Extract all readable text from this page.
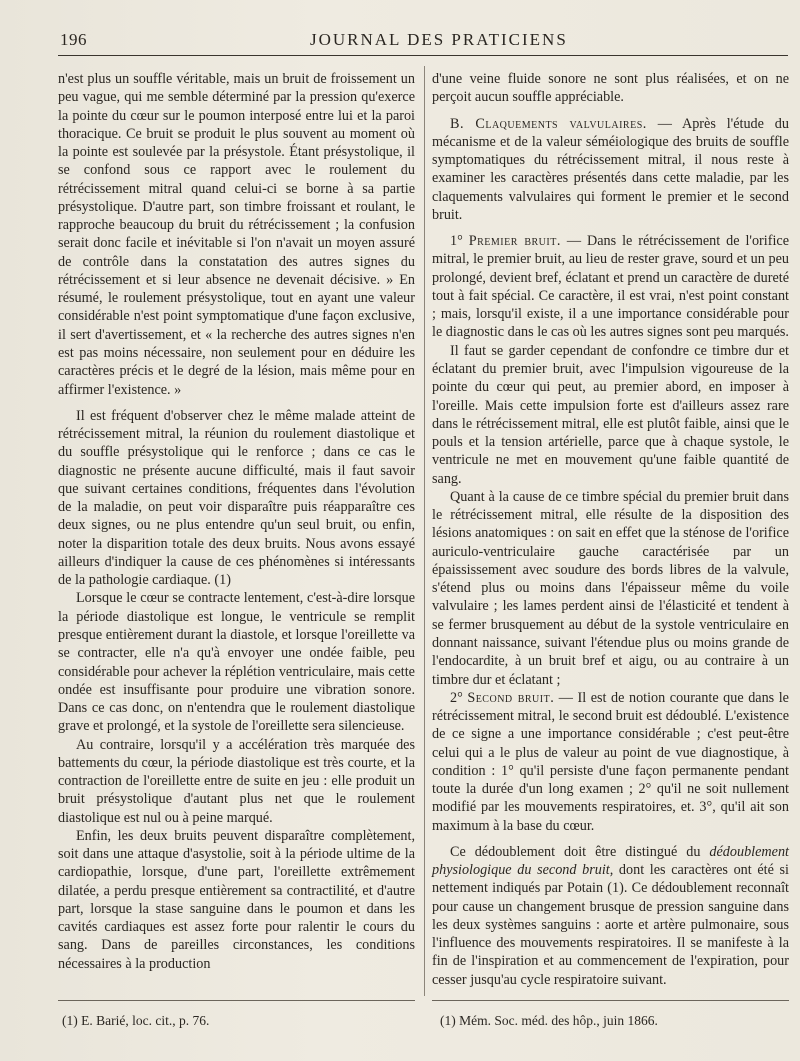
196	JOURNAL DES PRATICIENS

n'est plus un souffle véritable, mais un bruit de froissement un peu vague, qui me semble déterminé par la pression qu'exerce la pointe du cœur sur le poumon interposé entre lui et la paroi thoracique. Ce bruit se produit le plus souvent au moment où la pointe est soulevée par la présystole. Étant présystolique, il se confond sous ce rapport avec le roulement du rétrécissement mitral quand celui-ci se borne à sa partie présystolique. D'autre part, son timbre froissant et roulant, le rapproche beaucoup du bruit du rétrécissement ; la confusion serait donc facile et inévitable si l'on n'avait un moyen assuré de contrôle dans la constatation des autres signes du rétrécissement et si leur absence ne devenait décisive. » En résumé, le roulement présystolique, tout en ayant une valeur considérable n'est point symptomatique d'une façon exclusive, il sert d'avertissement, et « la recherche des autres signes n'en est pas moins nécessaire, non seulement pour en déduire les caractères précis et le degré de la lésion, mais même pour en affirmer l'existence. »

Il est fréquent d'observer chez le même malade atteint de rétrécissement mitral, la réunion du roulement diastolique et du souffle présystolique qui le renforce ; dans ce cas le diagnostic ne présente aucune difficulté, mais il faut savoir que suivant certaines conditions, fréquentes dans l'évolution de la maladie, on peut voir disparaître puis réapparaître ces deux signes, ou ne plus entendre qu'un seul bruit, ou enfin, noter la disparition totale des deux bruits. Nous avons essayé ailleurs d'indiquer la cause de ces phénomènes si intéressants de la pathologie cardiaque. (1)

Lorsque le cœur se contracte lentement, c'est-à-dire lorsque la période diastolique est longue, le ventricule se remplit presque entièrement durant la diastole, et lorsque l'oreillette va se contracter, elle n'a qu'à envoyer une ondée faible, peu considérable pour achever la réplétion ventriculaire, mais cette ondée est insuffisante pour produire une vibration sonore. Dans ce cas donc, on n'entendra que le roulement diastolique grave et prolongé, et la systole de l'oreillette sera silencieuse.

Au contraire, lorsqu'il y a accélération très marquée des battements du cœur, la période diastolique est très courte, et la contraction de l'oreillette entre de suite en jeu : elle produit un bruit présystolique d'autant plus net que le roulement diastolique est nul ou à peine marqué.

Enfin, les deux bruits peuvent disparaître complètement, soit dans une attaque d'asystolie, soit à la période ultime de la cardiopathie, lorsque, d'une part, l'oreillette extrêmement dilatée, a perdu presque entièrement sa contractilité, et d'autre part, lorsque la stase sanguine dans le poumon et dans les cavités cardiaques est assez forte pour ralentir le cours du sang. Dans de pareilles circonstances, les conditions nécessaires à la production

d'une veine fluide sonore ne sont plus réalisées, et on ne perçoit aucun souffle appréciable.

B. Claquements valvulaires. — Après l'étude du mécanisme et de la valeur séméiologique des bruits de souffle symptomatiques du rétrécissement mitral, il nous reste à examiner les caractères présentés dans cette maladie, par les claquements valvulaires qui forment le premier et le second bruit.

1° Premier bruit. — Dans le rétrécissement de l'orifice mitral, le premier bruit, au lieu de rester grave, sourd et un peu prolongé, devient bref, éclatant et prend un caractère de dureté tout à fait spécial. Ce caractère, il est vrai, n'est point constant ; mais, lorsqu'il existe, il a une importance considérable pour le diagnostic dans le cas où les autres signes sont peu marqués.

Il faut se garder cependant de confondre ce timbre dur et éclatant du premier bruit, avec l'impulsion vigoureuse de la pointe du cœur qui peut, au premier abord, en imposer à l'oreille. Mais cette impulsion forte est d'ailleurs assez rare dans le rétrécissement mitral, elle est plutôt faible, ainsi que le pouls et la tension artérielle, parce que à chaque systole, le ventricule ne met en mouvement qu'une faible quantité de sang.

Quant à la cause de ce timbre spécial du premier bruit dans le rétrécissement mitral, elle résulte de la disposition des lésions anatomiques : on sait en effet que la sténose de l'orifice auriculo-ventriculaire gauche caractérisée par un épaississement avec soudure des bords libres de la valvule, s'étend plus ou moins dans l'épaisseur même du voile valvulaire ; les lames perdent ainsi de l'élasticité et tendent à se fermer brusquement au début de la systole ventriculaire en donnant naissance, suivant l'étendue plus ou moins grande de l'endocardite, à un bruit bref et aigu, ou au contraire à un timbre dur et éclatant ;

2° Second bruit. — Il est de notion courante que dans le rétrécissement mitral, le second bruit est dédoublé. L'existence de ce signe a une importance considérable ; c'est peut-être celui qui a le plus de valeur au point de vue diagnostique, à condition : 1° qu'il persiste d'une façon permanente pendant toute la durée d'un long examen ; 2° qu'il ne soit nullement modifié par les mouvements respiratoires, et. 3°, qu'il ait son maximum à la base du cœur.

Ce dédoublement doit être distingué du dédoublement physiologique du second bruit, dont les caractères ont été si nettement indiqués par Potain (1). Ce dédoublement reconnaît pour cause un changement brusque de pression sanguine dans les deux systèmes sanguins : aorte et artère pulmonaire, sous l'influence des mouvements respiratoires. Il se manifeste à la fin de l'inspiration et au commencement de l'expiration, pour cesser jusqu'au cycle respiratoire suivant.

(1) E. Barié, loc. cit., p. 76.	(1) Mém. Soc. méd. des hôp., juin 1866.
